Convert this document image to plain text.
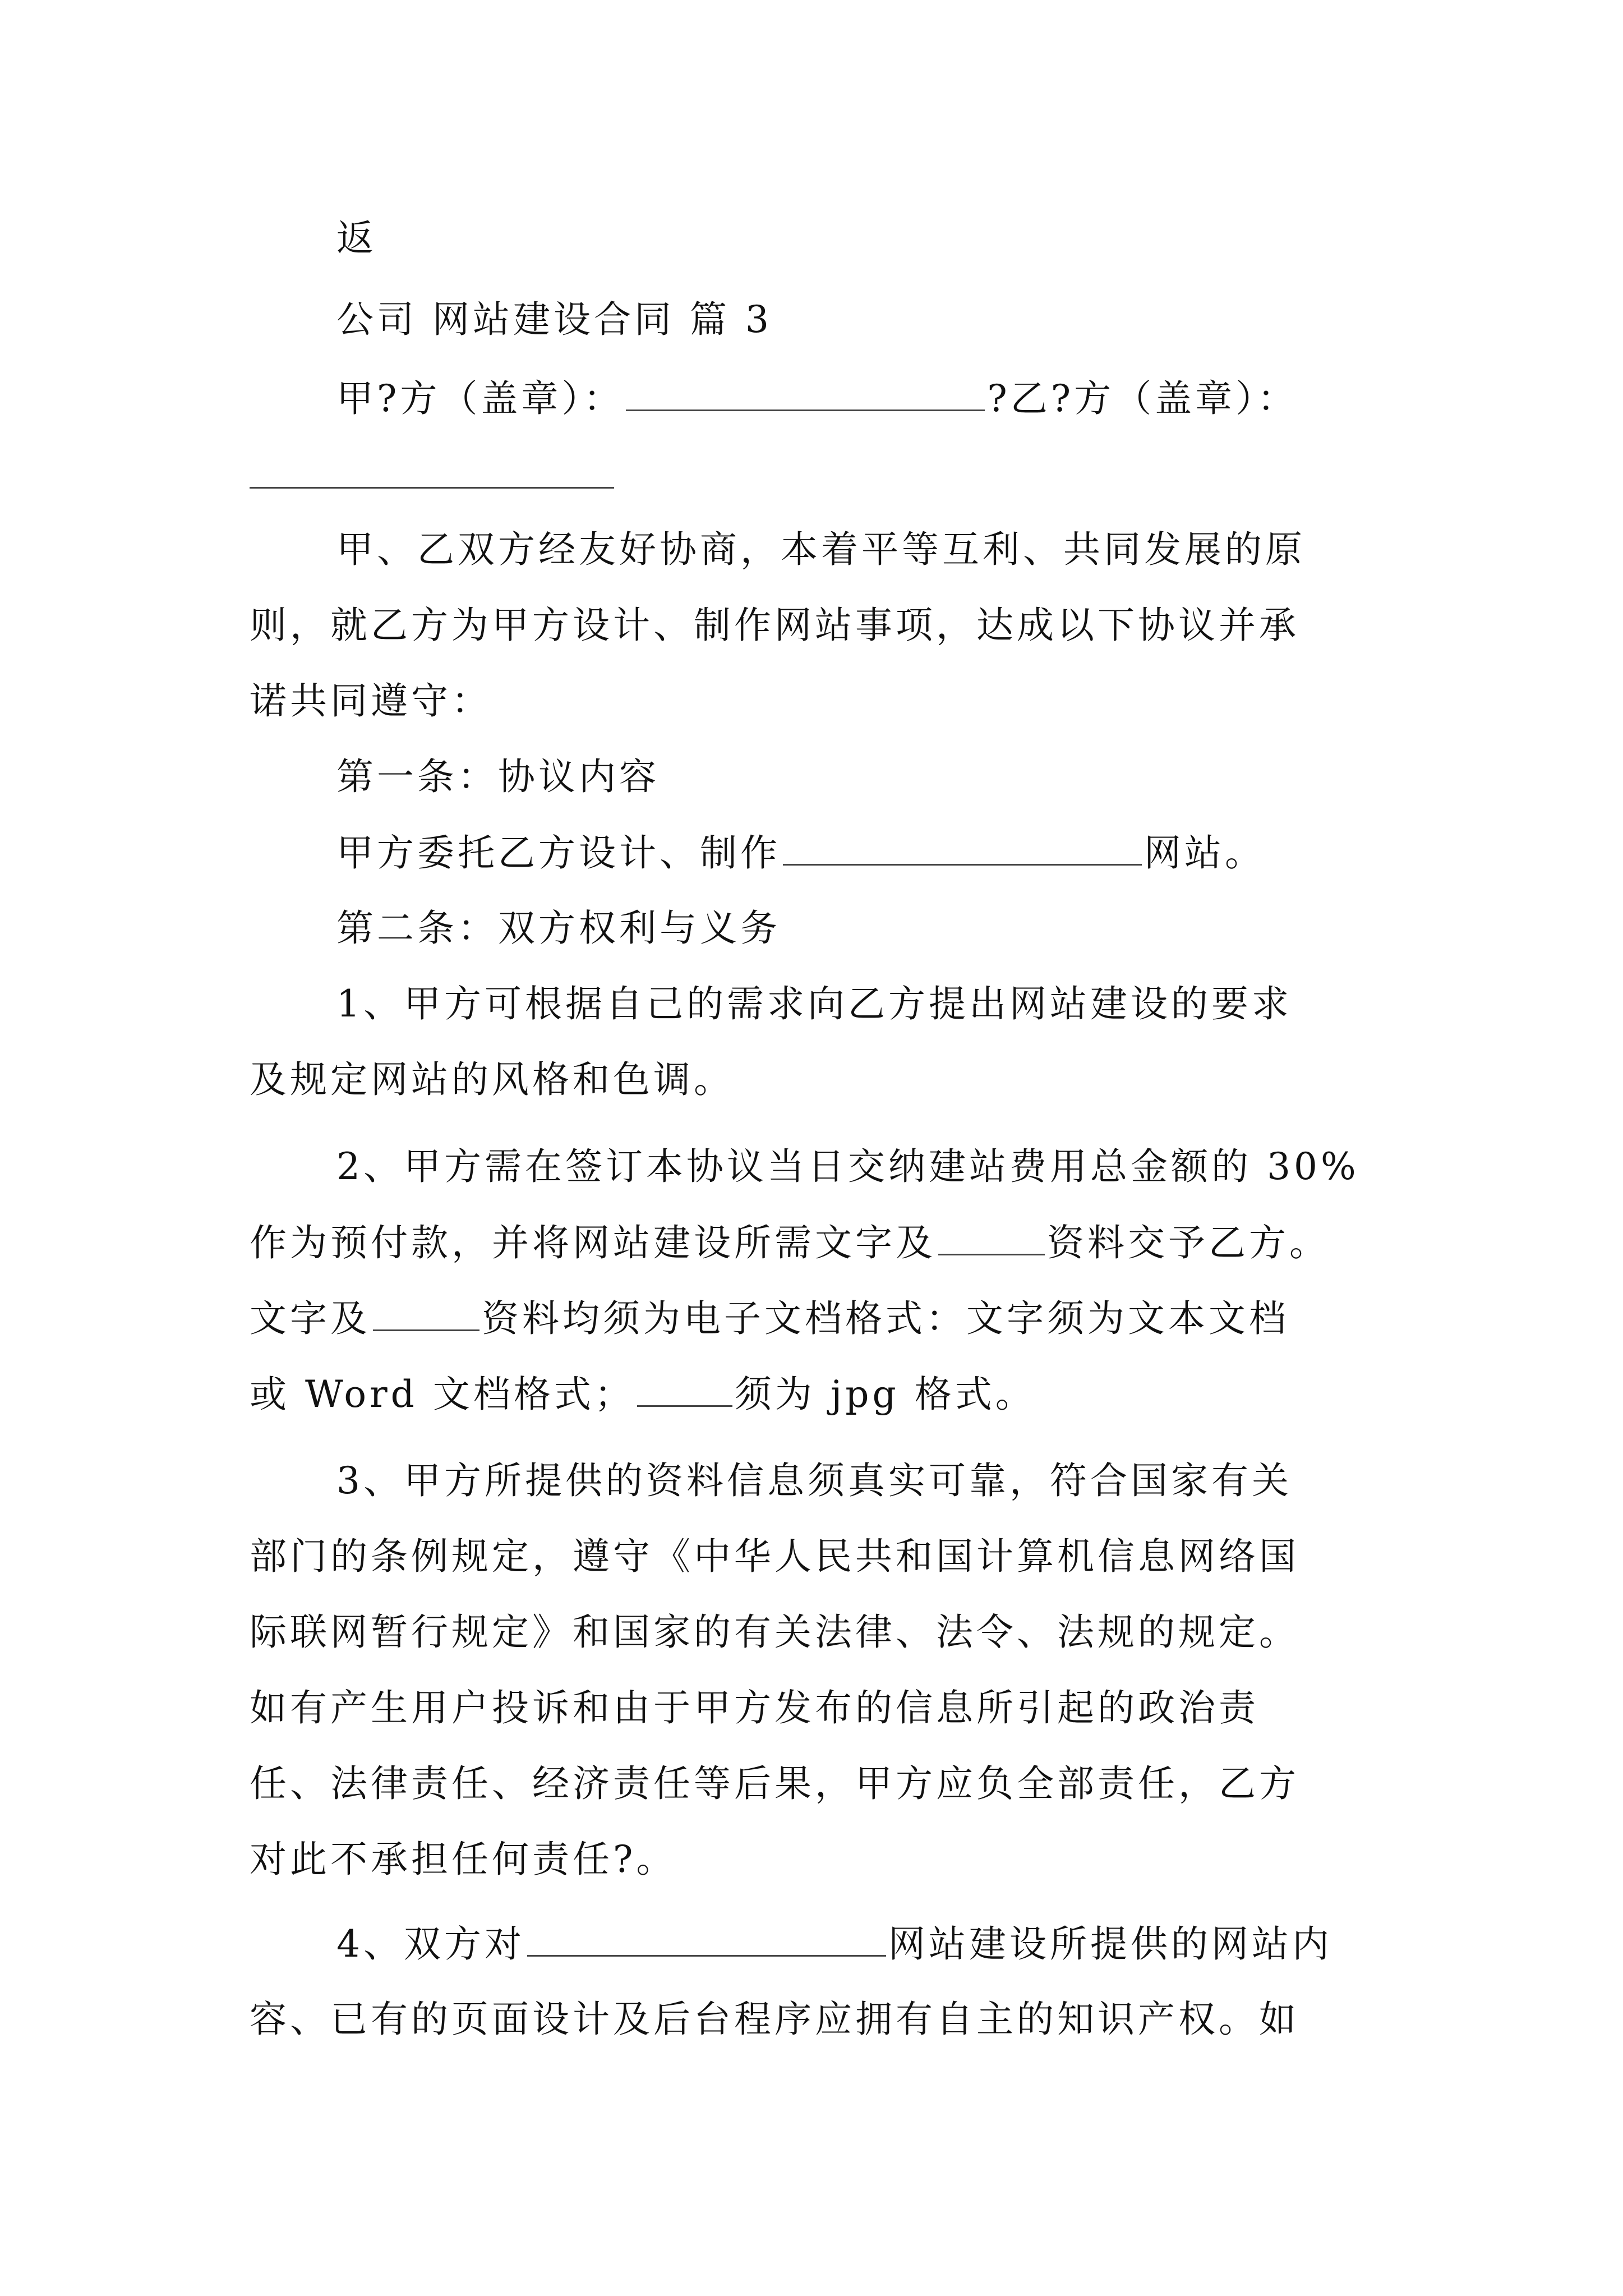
返
公司 网站建设合同 篇 3
甲?方（盖章）：	?乙?方（盖章）：
甲、乙双方经友好协商，本着平等互利、共同发展的原
则，就乙方为甲方设计、制作网站事项，达成以下协议并承
诺共同遵守：
第一条：协议内容
甲方委托乙方设计、制作	网站。
第二条：双方权利与义务
1、甲方可根据自己的需求向乙方提出网站建设的要求
及规定网站的风格和色调。
2、甲方需在签订本协议当日交纳建站费用总金额的 30%
作为预付款，并将网站建设所需文字及	资料交予乙方。
文字及	资料均须为电子文档格式：文字须为文本文档
或 Word 文档格式；	须为 jpg 格式。
3、甲方所提供的资料信息须真实可靠，符合国家有关
部门的条例规定，遵守《中华人民共和国计算机信息网络国
际联网暂行规定》和国家的有关法律、法令、法规的规定。
如有产生用户投诉和由于甲方发布的信息所引起的政治责
任、法律责任、经济责任等后果，甲方应负全部责任，乙方
对此不承担任何责任?。
4、双方对	网站建设所提供的网站内
容、已有的页面设计及后台程序应拥有自主的知识产权。如
